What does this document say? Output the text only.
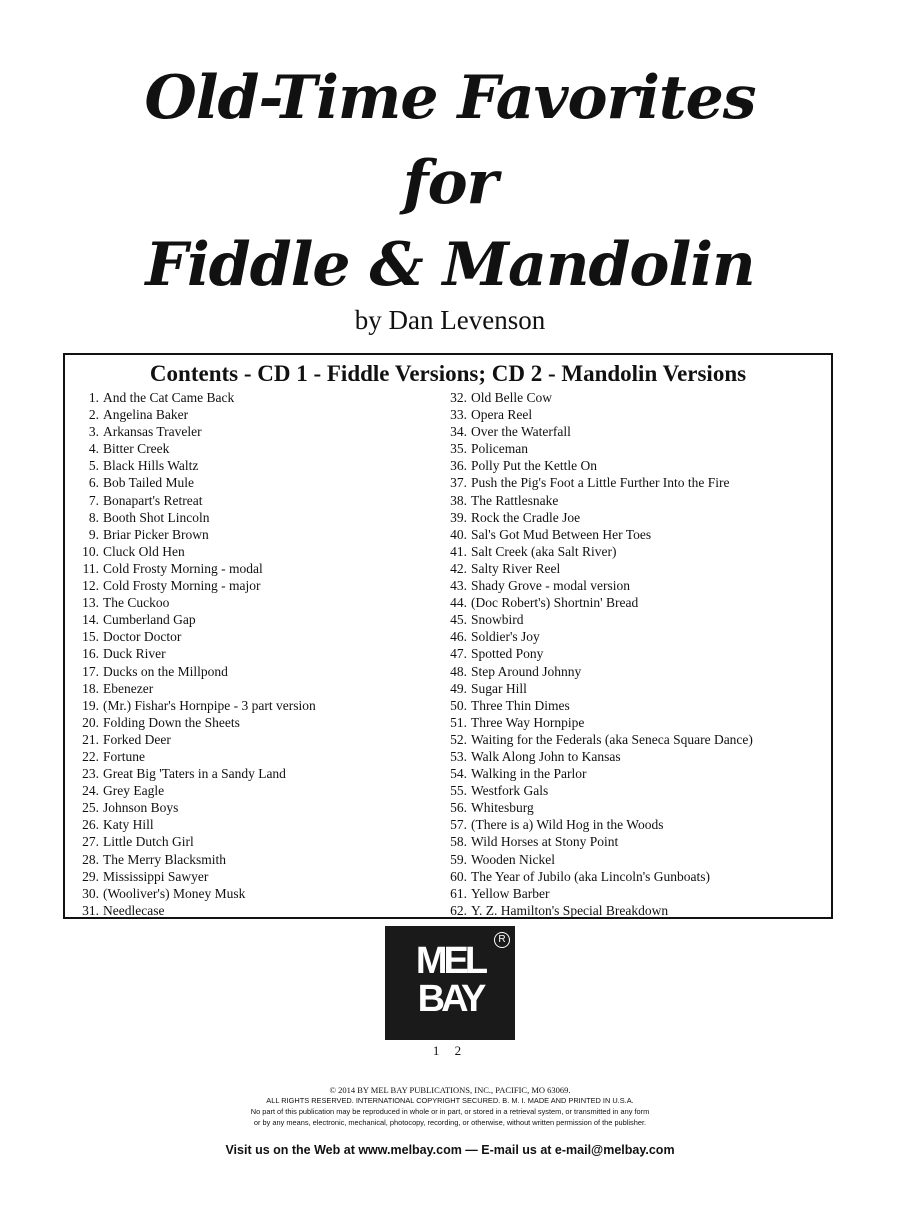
Old-Time Favorites
for
Fiddle & Mandolin
by Dan Levenson
Contents - CD 1 - Fiddle Versions; CD 2 - Mandolin Versions
1. And the Cat Came Back
2. Angelina Baker
3. Arkansas Traveler
4. Bitter Creek
5. Black Hills Waltz
6. Bob Tailed Mule
7. Bonapart's Retreat
8. Booth Shot Lincoln
9. Briar Picker Brown
10. Cluck Old Hen
11. Cold Frosty Morning - modal
12. Cold Frosty Morning - major
13. The Cuckoo
14. Cumberland Gap
15. Doctor Doctor
16. Duck River
17. Ducks on the Millpond
18. Ebenezer
19. (Mr.) Fishar's Hornpipe - 3 part version
20. Folding Down the Sheets
21. Forked Deer
22. Fortune
23. Great Big 'Taters in a Sandy Land
24. Grey Eagle
25. Johnson Boys
26. Katy Hill
27. Little Dutch Girl
28. The Merry Blacksmith
29. Mississippi Sawyer
30. (Wooliver's) Money Musk
31. Needlecase
32. Old Belle Cow
33. Opera Reel
34. Over the Waterfall
35. Policeman
36. Polly Put the Kettle On
37. Push the Pig's Foot a Little Further Into the Fire
38. The Rattlesnake
39. Rock the Cradle Joe
40. Sal's Got Mud Between Her Toes
41. Salt Creek (aka Salt River)
42. Salty River Reel
43. Shady Grove - modal version
44. (Doc Robert's) Shortnin' Bread
45. Snowbird
46. Soldier's Joy
47. Spotted Pony
48. Step Around Johnny
49. Sugar Hill
50. Three Thin Dimes
51. Three Way Hornpipe
52. Waiting for the Federals (aka Seneca Square Dance)
53. Walk Along John to Kansas
54. Walking in the Parlor
55. Westfork Gals
56. Whitesburg
57. (There is a) Wild Hog in the Woods
58. Wild Horses at Stony Point
59. Wooden Nickel
60. The Year of Jubilo (aka Lincoln's Gunboats)
61. Yellow Barber
62. Y. Z. Hamilton's Special Breakdown
MEL
BAY
R
1 2
© 2014 BY MEL BAY PUBLICATIONS, INC., PACIFIC, MO 63069.
ALL RIGHTS RESERVED. INTERNATIONAL COPYRIGHT SECURED. B. M. I. MADE AND PRINTED IN U.S.A.
No part of this publication may be reproduced in whole or in part, or stored in a retrieval system, or transmitted in any form
or by any means, electronic, mechanical, photocopy, recording, or otherwise, without written permission of the publisher.
Visit us on the Web at www.melbay.com — E-mail us at e-mail@melbay.com
